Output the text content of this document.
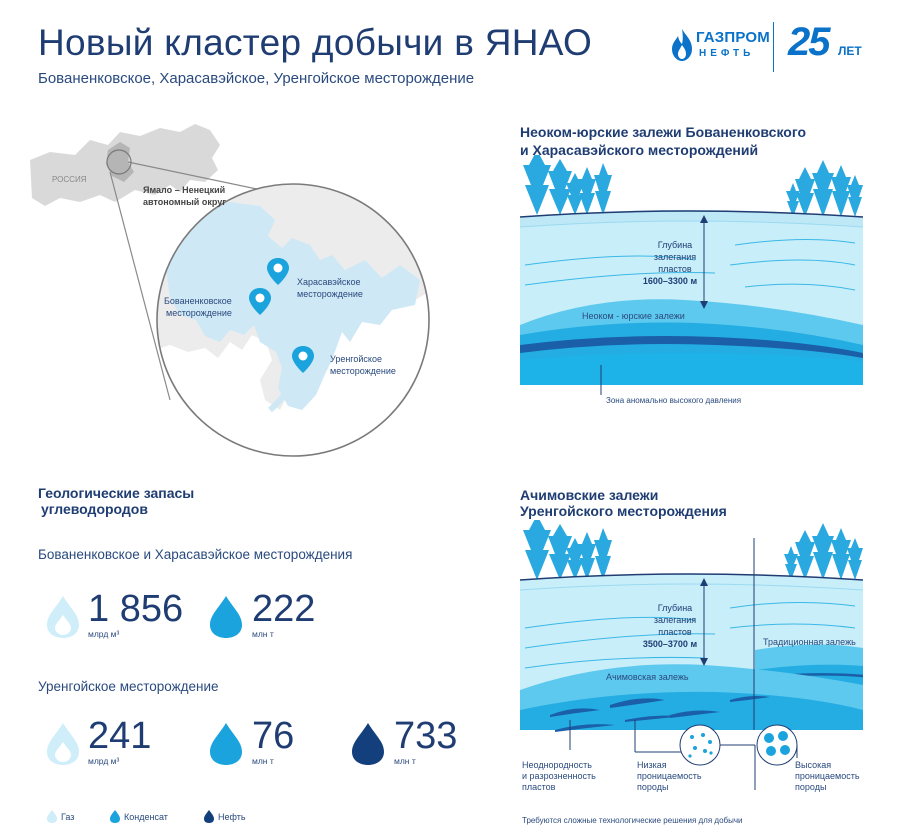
Новый кластер добычи в ЯНАО
Бованенковское, Харасавэйское, Уренгойское месторождение
ГАЗПРОМ
НЕФТЬ 25 ЛЕТ
РОССИЯ
Ямало – Ненецкий
автономный округ
Харасавэйское
месторождение
Бованенковское
месторождение
Уренгойское
месторождение
Неоком-юрские залежи Бованенковского
и Харасавэйского месторождений
Глубина
залегания
пластов
1600–3300 м
Неоком - юрские залежи
Зона аномально высокого давления
Ачимовские залежи
Уренгойского месторождения
Глубина
залегания
пластов
3500–3700 м	Традиционная залежь
Ачимовская залежь
Неоднородность
и разрозненность
пластов
Низкая
проницаемость
породы
Высокая
проницаемость
породы
Требуются сложные технологические решения для добычи
Геологические запасы
углеводородов
Бованенковское и Харасавэйское месторождения
1 856
млрд м³
222
млн т
Уренгойское месторождение
241
млрд м³
76
млн т
733
млн т
Газ	Конденсат	Нефть
